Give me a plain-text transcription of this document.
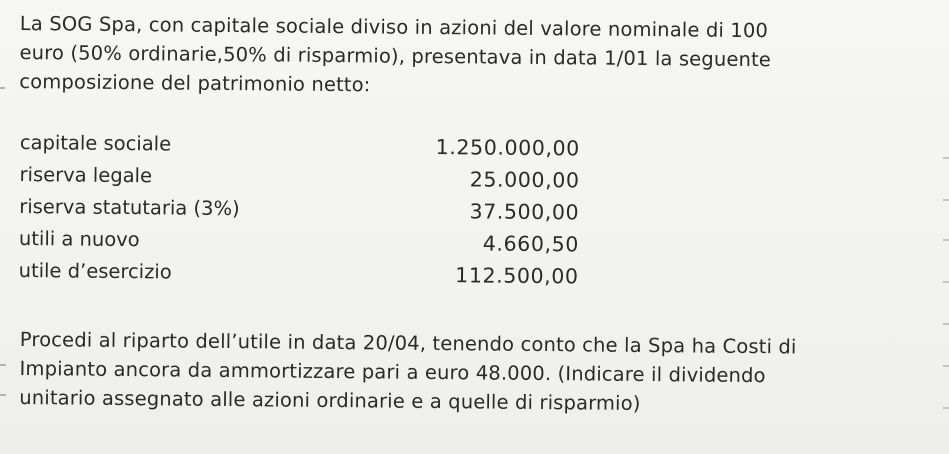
La SOG Spa, con capitale sociale diviso in azioni del valore nominale di 100
euro (50% ordinarie,50% di risparmio), presentava in data 1/01 la seguente
composizione del patrimonio netto:

capitale sociale	1.250.000,00
riserva legale	25.000,00
riserva statutaria (3%)	37.500,00
utili a nuovo	4.660,50
utile d’esercizio	112.500,00

Procedi al riparto dell’utile in data 20/04, tenendo conto che la Spa ha Costi di
Impianto ancora da ammortizzare pari a euro 48.000. (Indicare il dividendo
unitario assegnato alle azioni ordinarie e a quelle di risparmio)
